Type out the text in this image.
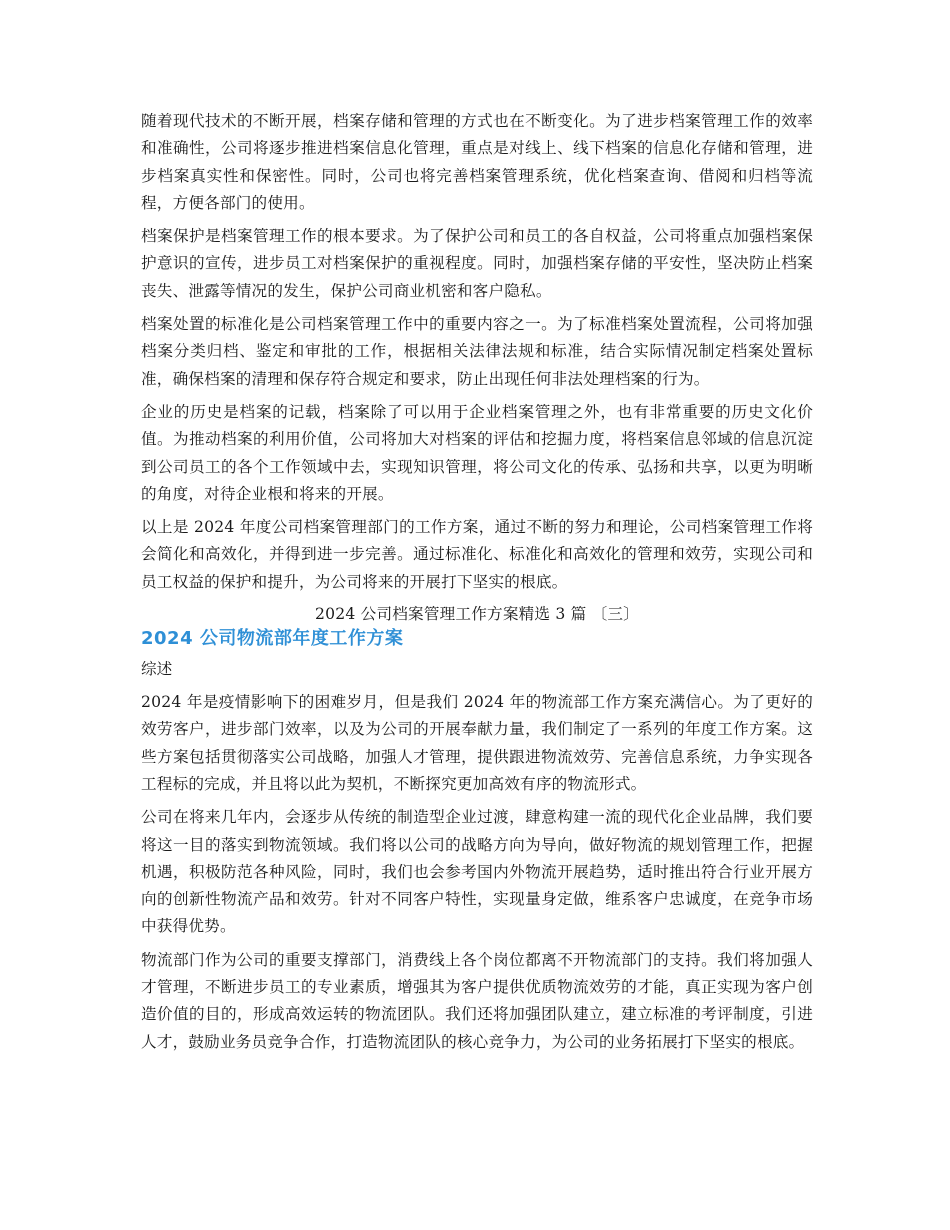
随着现代技术的不断开展，档案存储和管理的方式也在不断变化。为了进步档案管理工作的效率和准确性，公司将逐步推进档案信息化管理，重点是对线上、线下档案的信息化存储和管理，进步档案真实性和保密性。同时，公司也将完善档案管理系统，优化档案查询、借阅和归档等流程，方便各部门的使用。

档案保护是档案管理工作的根本要求。为了保护公司和员工的各自权益，公司将重点加强档案保护意识的宣传，进步员工对档案保护的重视程度。同时，加强档案存储的平安性，坚决防止档案丧失、泄露等情况的发生，保护公司商业机密和客户隐私。

档案处置的标准化是公司档案管理工作中的重要内容之一。为了标准档案处置流程，公司将加强档案分类归档、鉴定和审批的工作，根据相关法律法规和标准，结合实际情况制定档案处置标准，确保档案的清理和保存符合规定和要求，防止出现任何非法处理档案的行为。

企业的历史是档案的记载，档案除了可以用于企业档案管理之外，也有非常重要的历史文化价值。为推动档案的利用价值，公司将加大对档案的评估和挖掘力度，将档案信息邻域的信息沉淀到公司员工的各个工作领域中去，实现知识管理，将公司文化的传承、弘扬和共享，以更为明晰的角度，对待企业根和将来的开展。

以上是 2024 年度公司档案管理部门的工作方案，通过不断的努力和理论，公司档案管理工作将会简化和高效化，并得到进一步完善。通过标准化、标准化和高效化的管理和效劳，实现公司和员工权益的保护和提升，为公司将来的开展打下坚实的根底。

2024 公司档案管理工作方案精选 3 篇 〔三〕

2024 公司物流部年度工作方案

综述

2024 年是疫情影响下的困难岁月，但是我们 2024 年的物流部工作方案充满信心。为了更好的效劳客户，进步部门效率，以及为公司的开展奉献力量，我们制定了一系列的年度工作方案。这些方案包括贯彻落实公司战略，加强人才管理，提供跟进物流效劳、完善信息系统，力争实现各工程标的完成，并且将以此为契机，不断探究更加高效有序的物流形式。

公司在将来几年内，会逐步从传统的制造型企业过渡，肆意构建一流的现代化企业品牌，我们要将这一目的落实到物流领域。我们将以公司的战略方向为导向，做好物流的规划管理工作，把握机遇，积极防范各种风险，同时，我们也会参考国内外物流开展趋势，适时推出符合行业开展方向的创新性物流产品和效劳。针对不同客户特性，实现量身定做，维系客户忠诚度，在竞争市场中获得优势。

物流部门作为公司的重要支撑部门，消费线上各个岗位都离不开物流部门的支持。我们将加强人才管理，不断进步员工的专业素质，增强其为客户提供优质物流效劳的才能，真正实现为客户创造价值的目的，形成高效运转的物流团队。我们还将加强团队建立，建立标准的考评制度，引进人才，鼓励业务员竞争合作，打造物流团队的核心竞争力，为公司的业务拓展打下坚实的根底。
